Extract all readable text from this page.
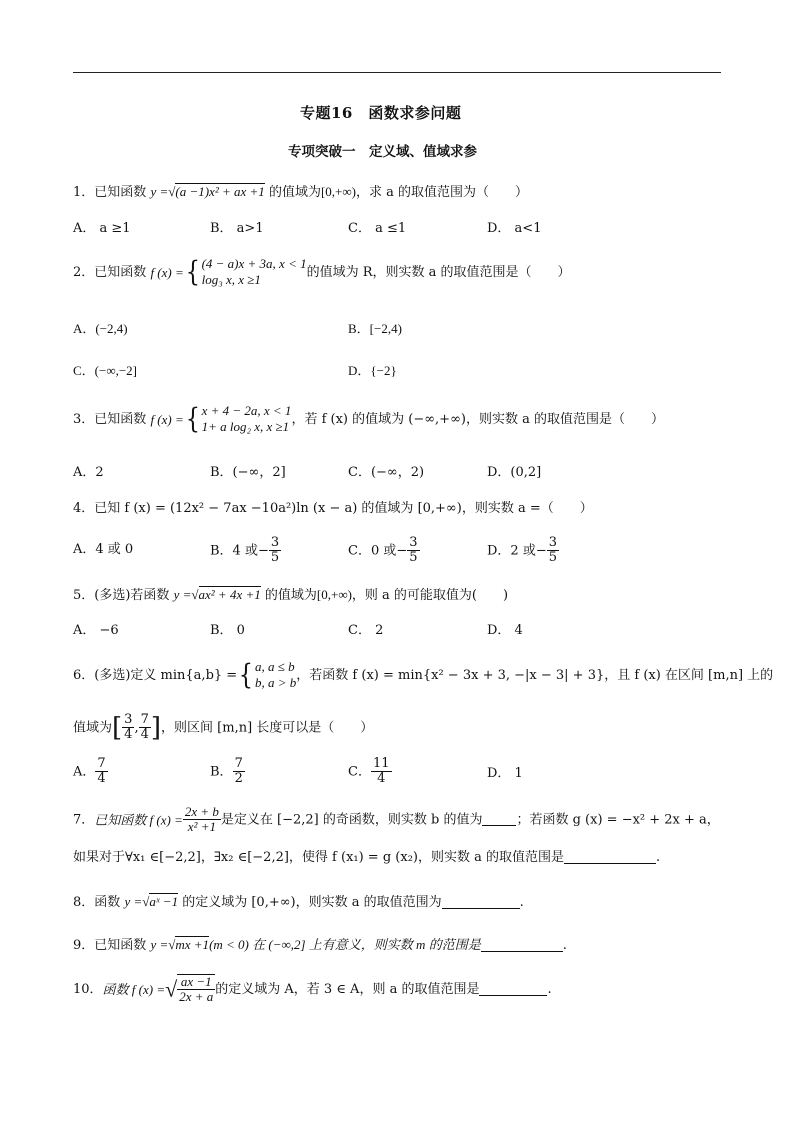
专题16　函数求参问题
专项突破一　定义域、值域求参
1．已知函数 y =√(a −1)x² + ax +1 的值域为[0,+∞)，求 a 的取值范围为（　　）
A． a ≥1	B． a>1	C． a ≤1	D． a<1
2．已知函数 f (x) ={ (4 − a)x + 3a, x < 1
log₃ x, x ≥1	的值域为 R，则实数 a 的取值范围是（　　）
A．(−2,4)	B．[−2,4)
C．(−∞,−2]	D．{−2}
3．已知函数 f (x) ={ x + 4 − 2a, x < 1
1+ a log₂ x, x ≥1 ，若 f (x) 的值域为 (−∞,+∞)，则实数 a 的取值范围是（　　）
A．2	B．(−∞，2]	C．(−∞，2)	D．(0,2]
4．已知 f (x) = (12x² − 7ax −10a²)ln (x − a) 的值域为 [0,+∞)，则实数 a =（　　）
A．4 或 0	B．4 或− $\frac{3}{5}$	C．0 或− $\frac{3}{5}$	D．2 或− $\frac{3}{5}$
5．(多选)若函数 y =√ax² + 4x +1 的值域为[0,+∞)，则 a 的可能取值为(　　)
A． −6	B． 0	C． 2	D． 4
6．(多选)定义 min{a,b} ={ a, a ≤ b
b, a > b ，若函数 f (x) = min{x² − 3x + 3, −|x − 3| + 3}，且 f (x) 在区间 [m,n] 上的
值域为[ $\frac{3}{4}$ , $\frac{7}{4}$ ]，则区间 [m,n] 长度可以是（　　）
A． $\frac{7}{4}$	B． $\frac{7}{2}$	C． $\frac{11}{4}$	D． 1
7．已知函数 f $(x) = \frac{2x + b}{\text{x² +1}}$ 是定义在 [−2,2] 的奇函数，则实数 b 的值为	；若函数 g (x) = −x² + 2x + a，
如果对于∀x₁ ∈[−2,2]，∃x₂ ∈[−2,2]，使得 f (x₁) = g (x₂)，则实数 a 的取值范围是	.
8．函数 y =√aˣ −1 的定义域为 [0,+∞)，则实数 a 的取值范围为	.
9．已知函数 y =√mx +1(m < 0) 在 (−∞,2] 上有意义，则实数 m 的范围是	.
10．函数 f (x) =√ $\frac{ax -1}{2x + a}$ 的定义域为 A，若 3 ∈ A，则 a 的取值范围是	.
